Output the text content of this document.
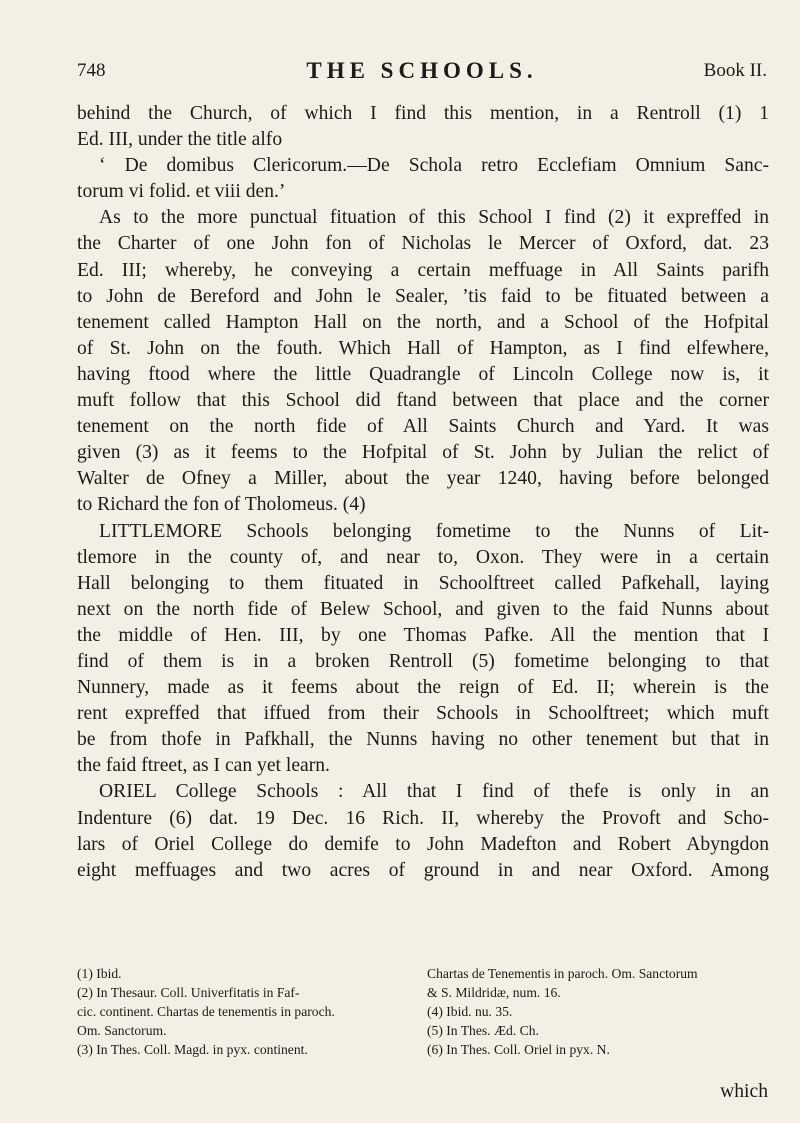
748	THE SCHOOLS.	Book II.
behind the Church, of which I find this mention, in a Rentroll (1) 1
Ed. III, under the title alfo
‘ De domibus Clericorum.—De Schola retro Ecclefiam Omnium Sanc-
torum vi folid. et viii den.’
As to the more punctual fituation of this School I find (2) it expreffed in
the Charter of one John fon of Nicholas le Mercer of Oxford, dat. 23
Ed. III; whereby, he conveying a certain meffuage in All Saints parifh
to John de Bereford and John le Sealer, ’tis faid to be fituated between a
tenement called Hampton Hall on the north, and a School of the Hofpital
of St. John on the fouth. Which Hall of Hampton, as I find elfewhere,
having ftood where the little Quadrangle of Lincoln College now is, it
muft follow that this School did ftand between that place and the corner
tenement on the north fide of All Saints Church and Yard. It was
given (3) as it feems to the Hofpital of St. John by Julian the relict of
Walter de Ofney a Miller, about the year 1240, having before belonged
to Richard the fon of Tholomeus. (4)
LITTLEMORE Schools belonging fometime to the Nunns of Lit-
tlemore in the county of, and near to, Oxon. They were in a certain
Hall belonging to them fituated in Schoolftreet called Pafkehall, laying
next on the north fide of Belew School, and given to the faid Nunns about
the middle of Hen. III, by one Thomas Pafke. All the mention that I
find of them is in a broken Rentroll (5) fometime belonging to that
Nunnery, made as it feems about the reign of Ed. II; wherein is the
rent expreffed that iffued from their Schools in Schoolftreet; which muft
be from thofe in Pafkhall, the Nunns having no other tenement but that in
the faid ftreet, as I can yet learn.
ORIEL College Schools : All that I find of thefe is only in an
Indenture (6) dat. 19 Dec. 16 Rich. II, whereby the Provoft and Scho-
lars of Oriel College do demife to John Madefton and Robert Abyngdon
eight meffuages and two acres of ground in and near Oxford. Among
(1) Ibid.
(2) In Thesaur. Coll. Univerfitatis in Faf-
cic. continent. Chartas de tenementis in paroch.
Om. Sanctorum.
(3) In Thes. Coll. Magd. in pyx. continent.
Chartas de Tenementis in paroch. Om. Sanctorum
& S. Mildridæ, num. 16.
(4) Ibid. nu. 35.
(5) In Thes. Æd. Ch.
(6) In Thes. Coll. Oriel in pyx. N.
which
